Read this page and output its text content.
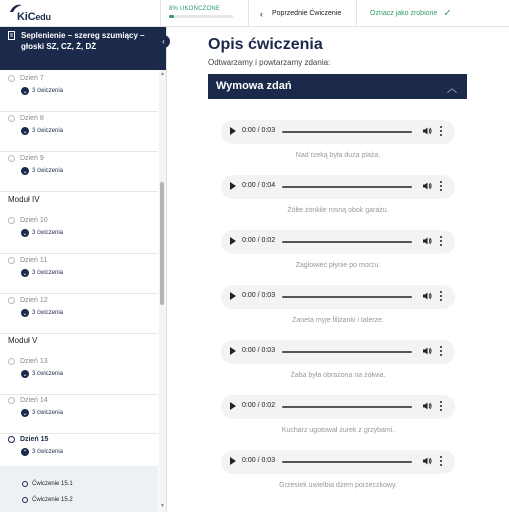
KiCedu
8% UKOŃCZONE	‹ Poprzednie Ćwiczenie	Oznacz jako zrobione ✓
Seplenienie – szereg szumiący – głoski SZ, CZ, Ż, DŻ
Dzień 7
⌄ 3 ćwiczenia
Dzień 8
⌄ 3 ćwiczenia
Dzień 9
⌄ 3 ćwiczenia
Moduł IV
Dzień 10
⌄ 3 ćwiczenia
Dzień 11
⌄ 3 ćwiczenia
Dzień 12
⌄ 3 ćwiczenia
Moduł V
Dzień 13
⌄ 3 ćwiczenia
Dzień 14
⌄ 3 ćwiczenia
Dzień 15
⌃ 3 ćwiczenia
Ćwiczenie 15.1
Ćwiczenie 15.2
▲
▼
‹	Opis ćwiczenia
Odtwarzamy i powtarzamy zdania:
Wymowa zdań	︿
0:00 / 0:03
Nad rzeką była duża plaża.
0:00 / 0:04
Żółte żonkile rosną obok garażu.
0:00 / 0:02
Żaglowiec płynie po morzu.
0:00 / 0:03
Żaneta myje filiżanki i talerze.
0:00 / 0:03
Żaba była obrażona na żółwia.
0:00 / 0:02
Kucharz ugotował żurek z grzybami.
0:00 / 0:03
Grzesiek uwielbia dżem porzeczkowy.
